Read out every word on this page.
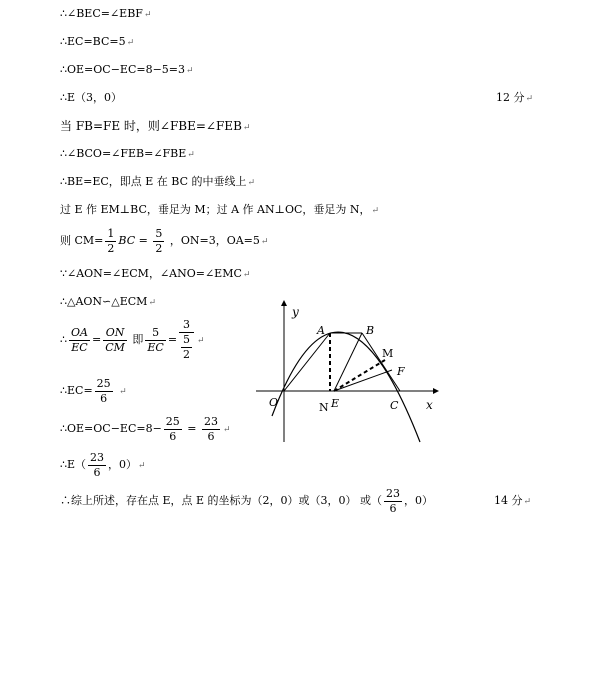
∴∠BEC=∠EBF↵
∴EC=BC=5↵
∴OE=OC−EC=8−5=3↵
∴E（3，0）	12 分↵
当 FB=FE 时，则∠FBE=∠FEB↵
∴∠BCO=∠FEB=∠FBE↵
∴BE=EC，即点 E 在 BC 的中垂线上↵
过 E 作 EM⊥BC，垂足为 M；过 A 作 AN⊥OC，垂足为 N，↵
则 $CM= \frac{1}{2}$ BC = $\frac{5}{2}$ ，ON=3，OA=5↵
∵∠AON=∠ECM，∠ANO=∠EMC↵
∴△AON∽△ECM↵
∴ $\frac{OA}{EC} = \frac{ON}{CM}$ 即 $\frac{5}{EC} = \frac{3}{\frac{5}{2}}$ ↵
∴EC= $\frac{25}{6}$ ↵
∴OE=OC−EC=8− $\frac{25}{6} = \frac{23}{6}$ ↵
∴E（ $\frac{23}{6}$ ，0）↵
∴综上所述，存在点 E，点 E 的坐标为（2，0）或（3，0） 或（ $\frac{23}{6}$ ，0）	14 分↵
y
x
O
A	B
M
F
N E	C
